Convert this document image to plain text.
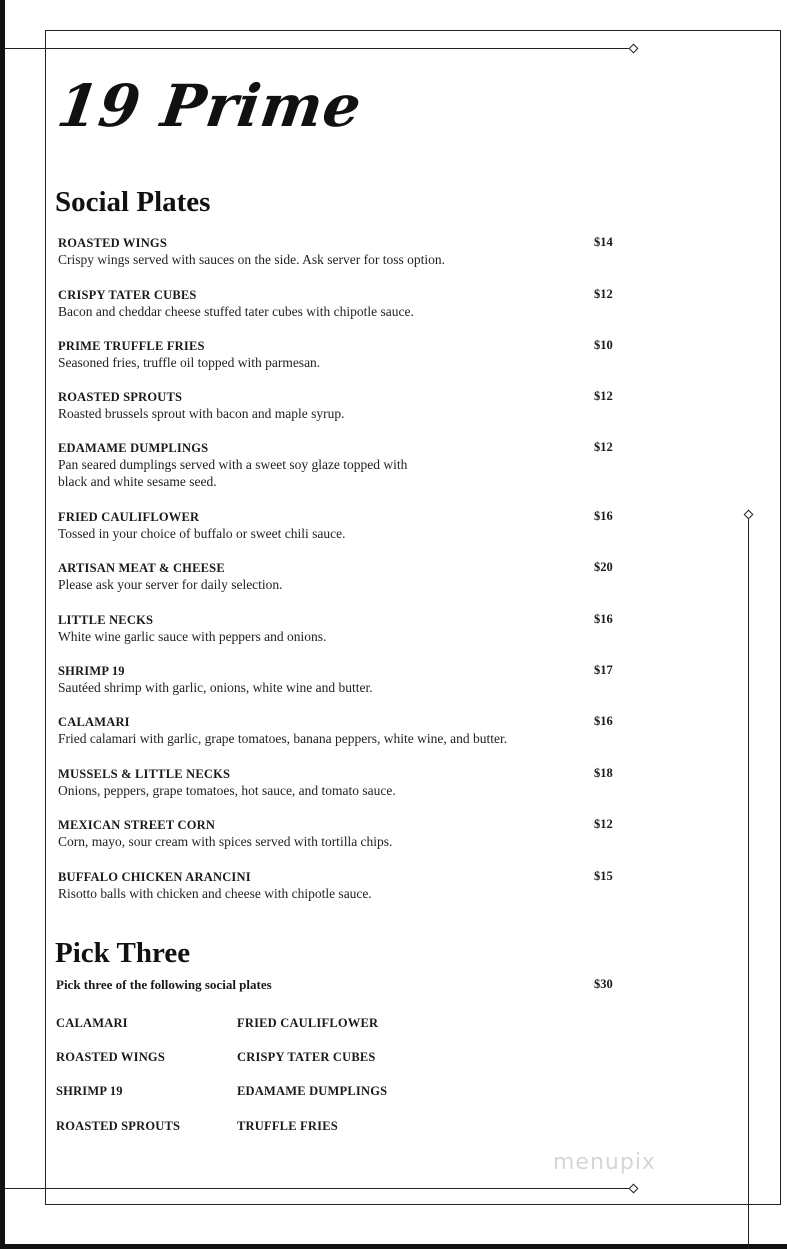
19 Prime
Social Plates
ROASTED WINGS
Crispy wings served with sauces on the side. Ask server for toss option.
$14
CRISPY TATER CUBES
Bacon and cheddar cheese stuffed tater cubes with chipotle sauce.
$12
PRIME TRUFFLE FRIES
Seasoned fries, truffle oil topped with parmesan.
$10
ROASTED SPROUTS
Roasted brussels sprout with bacon and maple syrup.
$12
EDAMAME DUMPLINGS
Pan seared dumplings served with a sweet soy glaze topped with black and white sesame seed.
$12
FRIED CAULIFLOWER
Tossed in your choice of buffalo or sweet chili sauce.
$16
ARTISAN MEAT & CHEESE
Please ask your server for daily selection.
$20
LITTLE NECKS
White wine garlic sauce with peppers and onions.
$16
SHRIMP 19
Sautéed shrimp with garlic, onions, white wine and butter.
$17
CALAMARI
Fried calamari with garlic, grape tomatoes, banana peppers, white wine, and butter.
$16
MUSSELS & LITTLE NECKS
Onions, peppers, grape tomatoes, hot sauce, and tomato sauce.
$18
MEXICAN STREET CORN
Corn, mayo, sour cream with spices served with tortilla chips.
$12
BUFFALO CHICKEN ARANCINI
Risotto balls with chicken and cheese with chipotle sauce.
$15
Pick Three
Pick three of the following social plates	$30
CALAMARI
ROASTED WINGS
SHRIMP 19
ROASTED SPROUTS
FRIED CAULIFLOWER
CRISPY TATER CUBES
EDAMAME DUMPLINGS
TRUFFLE FRIES
menupix
